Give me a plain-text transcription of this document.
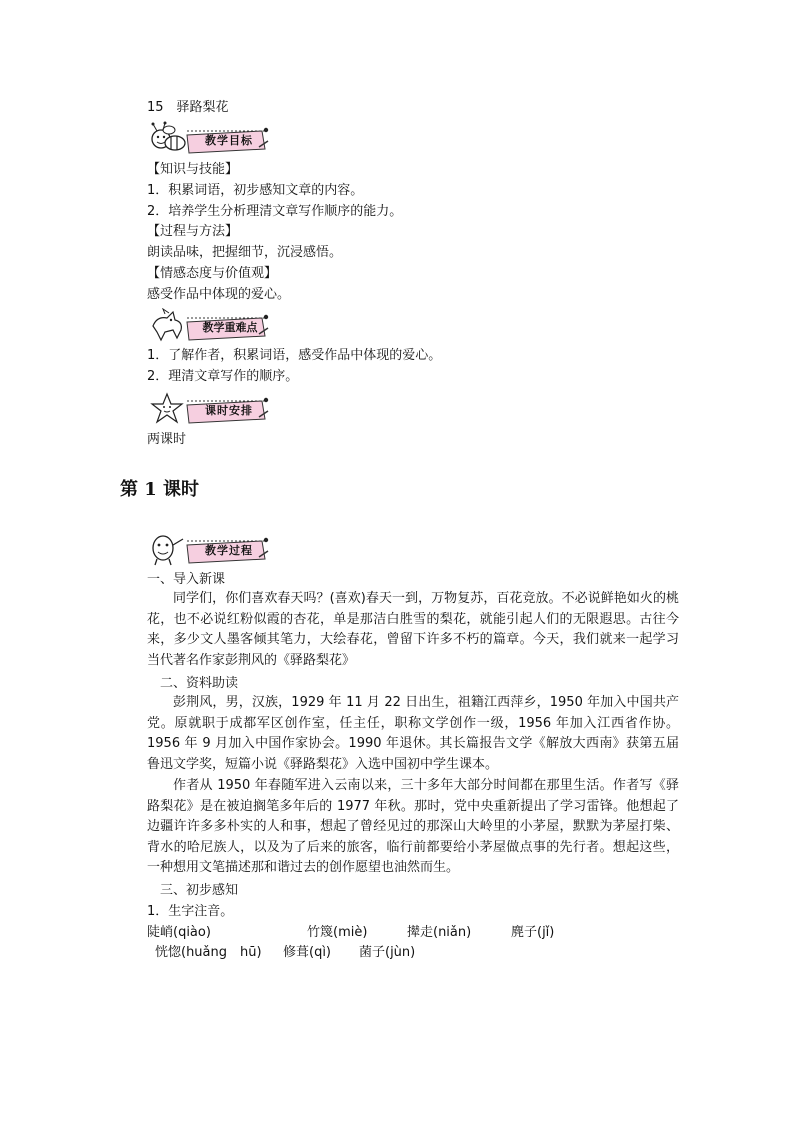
15　驿路梨花
教学目标
【知识与技能】
1．积累词语，初步感知文章的内容。
2．培养学生分析理清文章写作顺序的能力。
【过程与方法】
朗读品味，把握细节，沉浸感悟。
【情感态度与价值观】
感受作品中体现的爱心。
教学重难点
1．了解作者，积累词语，感受作品中体现的爱心。
2．理清文章写作的顺序。
课时安排
两课时
第 1 课时
教学过程
一、导入新课
同学们，你们喜欢春天吗？(喜欢)春天一到，万物复苏，百花竞放。不必说鲜艳如火的桃花，也不必说红粉似霞的杏花，单是那洁白胜雪的梨花，就能引起人们的无限遐思。古往今来，多少文人墨客倾其笔力，大绘春花，曾留下许多不朽的篇章。今天，我们就来一起学习当代著名作家彭荆风的《驿路梨花》
二、资料助读
彭荆风，男，汉族，1929 年 11 月 22 日出生，祖籍江西萍乡，1950 年加入中国共产党。原就职于成都军区创作室，任主任，职称文学创作一级，1956 年加入江西省作协。1956 年 9 月加入中国作家协会。1990 年退休。其长篇报告文学《解放大西南》获第五届鲁迅文学奖，短篇小说《驿路梨花》入选中国初中学生课本。
作者从 1950 年春随军进入云南以来，三十多年大部分时间都在那里生活。作者写《驿路梨花》是在被迫搁笔多年后的 1977 年秋。那时，党中央重新提出了学习雷锋。他想起了边疆许许多多朴实的人和事，想起了曾经见过的那深山大岭里的小茅屋，默默为茅屋打柴、背水的哈尼族人，以及为了后来的旅客，临行前都要给小茅屋做点事的先行者。想起这些，一种想用文笔描述那和谐过去的创作愿望也油然而生。
三、初步感知
1．生字注音。
陡峭(qiào)	竹篾(miè)	撵走(niǎn)	麂子(jǐ)
恍惚(huǎng　hū) 修葺(qì) 菌子(jùn)
